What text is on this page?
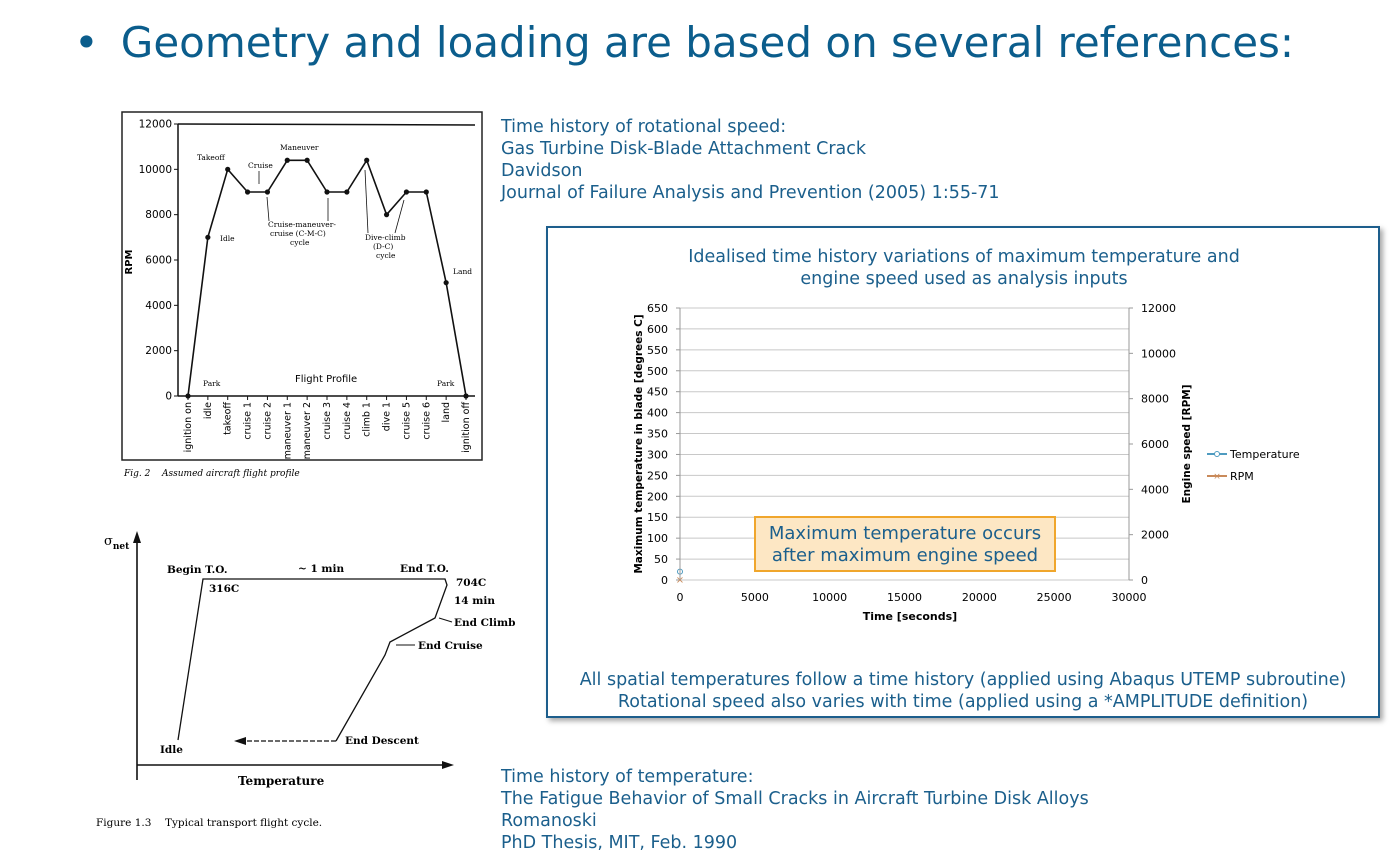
• Geometry and loading are based on several references:
Time history of rotational speed:
Gas Turbine Disk-Blade Attachment Crack
Davidson
Journal of Failure Analysis and Prevention (2005) 1:55-71
Time history of temperature:
The Fatigue Behavior of Small Cracks in Aircraft Turbine Disk Alloys
Romanoski
PhD Thesis, MIT, Feb. 1990
12000
10000
8000
6000
4000
2000
0
ignition on idle takeoff cruise 1 cruise 2 maneuver 1 maneuver 2 cruise 3 cruise 4 climb 1 dive 1 cruise 5 cruise 6 land ignition off
RPM
Takeoff
Idle
Cruise
Maneuver
Cruise-maneuver-
cruise (C-M-C)
cycle
Dive-climb
(D-C)
cycle
Land
Park	Park
Flight Profile
Fig. 2 Assumed aircraft flight profile
$\sigma_{net}$
Begin T.O.
316C
~ 1 min	End T.O.
704C
14 min
End Climb
End Cruise
End Descent
Idle
Temperature
Figure 1.3 Typical transport flight cycle.
Idealised time history variations of maximum temperature and
engine speed used as analysis inputs
650
600
550
500
450
400
350
300
250
200
150
100
50
0
12000
10000
8000
6000
4000
2000
0
0	5000	10000	15000	20000	25000	30000
×
Time [seconds]
Maximum temperature in blade [degrees C]	Engine speed [RPM]	Temperature
× RPM
Maximum temperature occurs
after maximum engine speed
All spatial temperatures follow a time history (applied using Abaqus UTEMP subroutine)
Rotational speed also varies with time (applied using a *AMPLITUDE definition)
